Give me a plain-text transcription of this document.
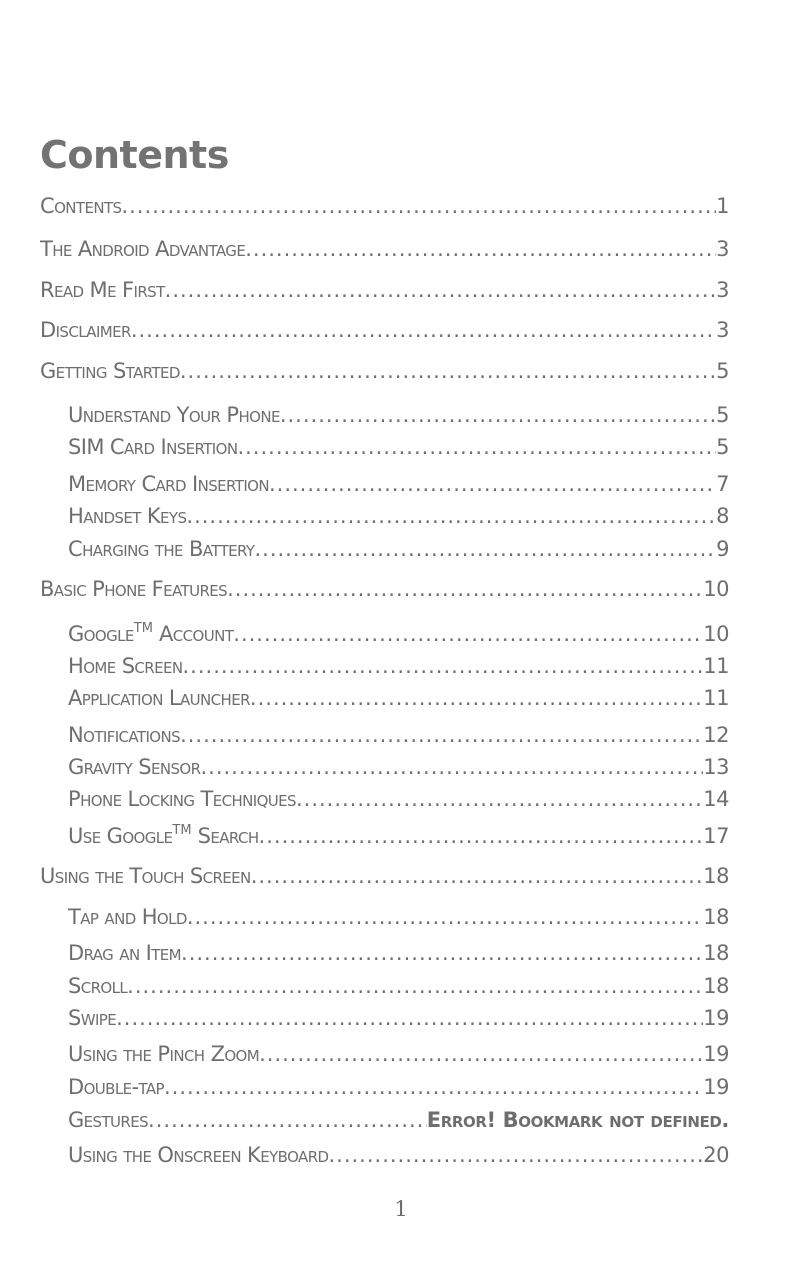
Contents
Contents .....	1
The Android Advantage .....	3
Read Me First .....	3
Disclaimer .....	3
Getting Started .....	5
Understand Your Phone .....	5
SIM Card Insertion .....	5
Memory Card Insertion .....	7
Handset Keys .....	8
Charging the Battery .....	9
Basic Phone Features .....	10
Google™ Account .....	10
Home Screen .....	11
Application Launcher .....	11
Notifications .....	12
Gravity Sensor .....	13
Phone Locking Techniques .....	14
Use Google™ Search .....	17
Using the Touch Screen .....	18
Tap and Hold .....	18
Drag an Item .....	18
Scroll .....	18
Swipe .....	19
Using the Pinch Zoom .....	19
Double-tap .....	19
Gestures .....	Error! Bookmark not defined.
Using the Onscreen Keyboard .....	20
1
